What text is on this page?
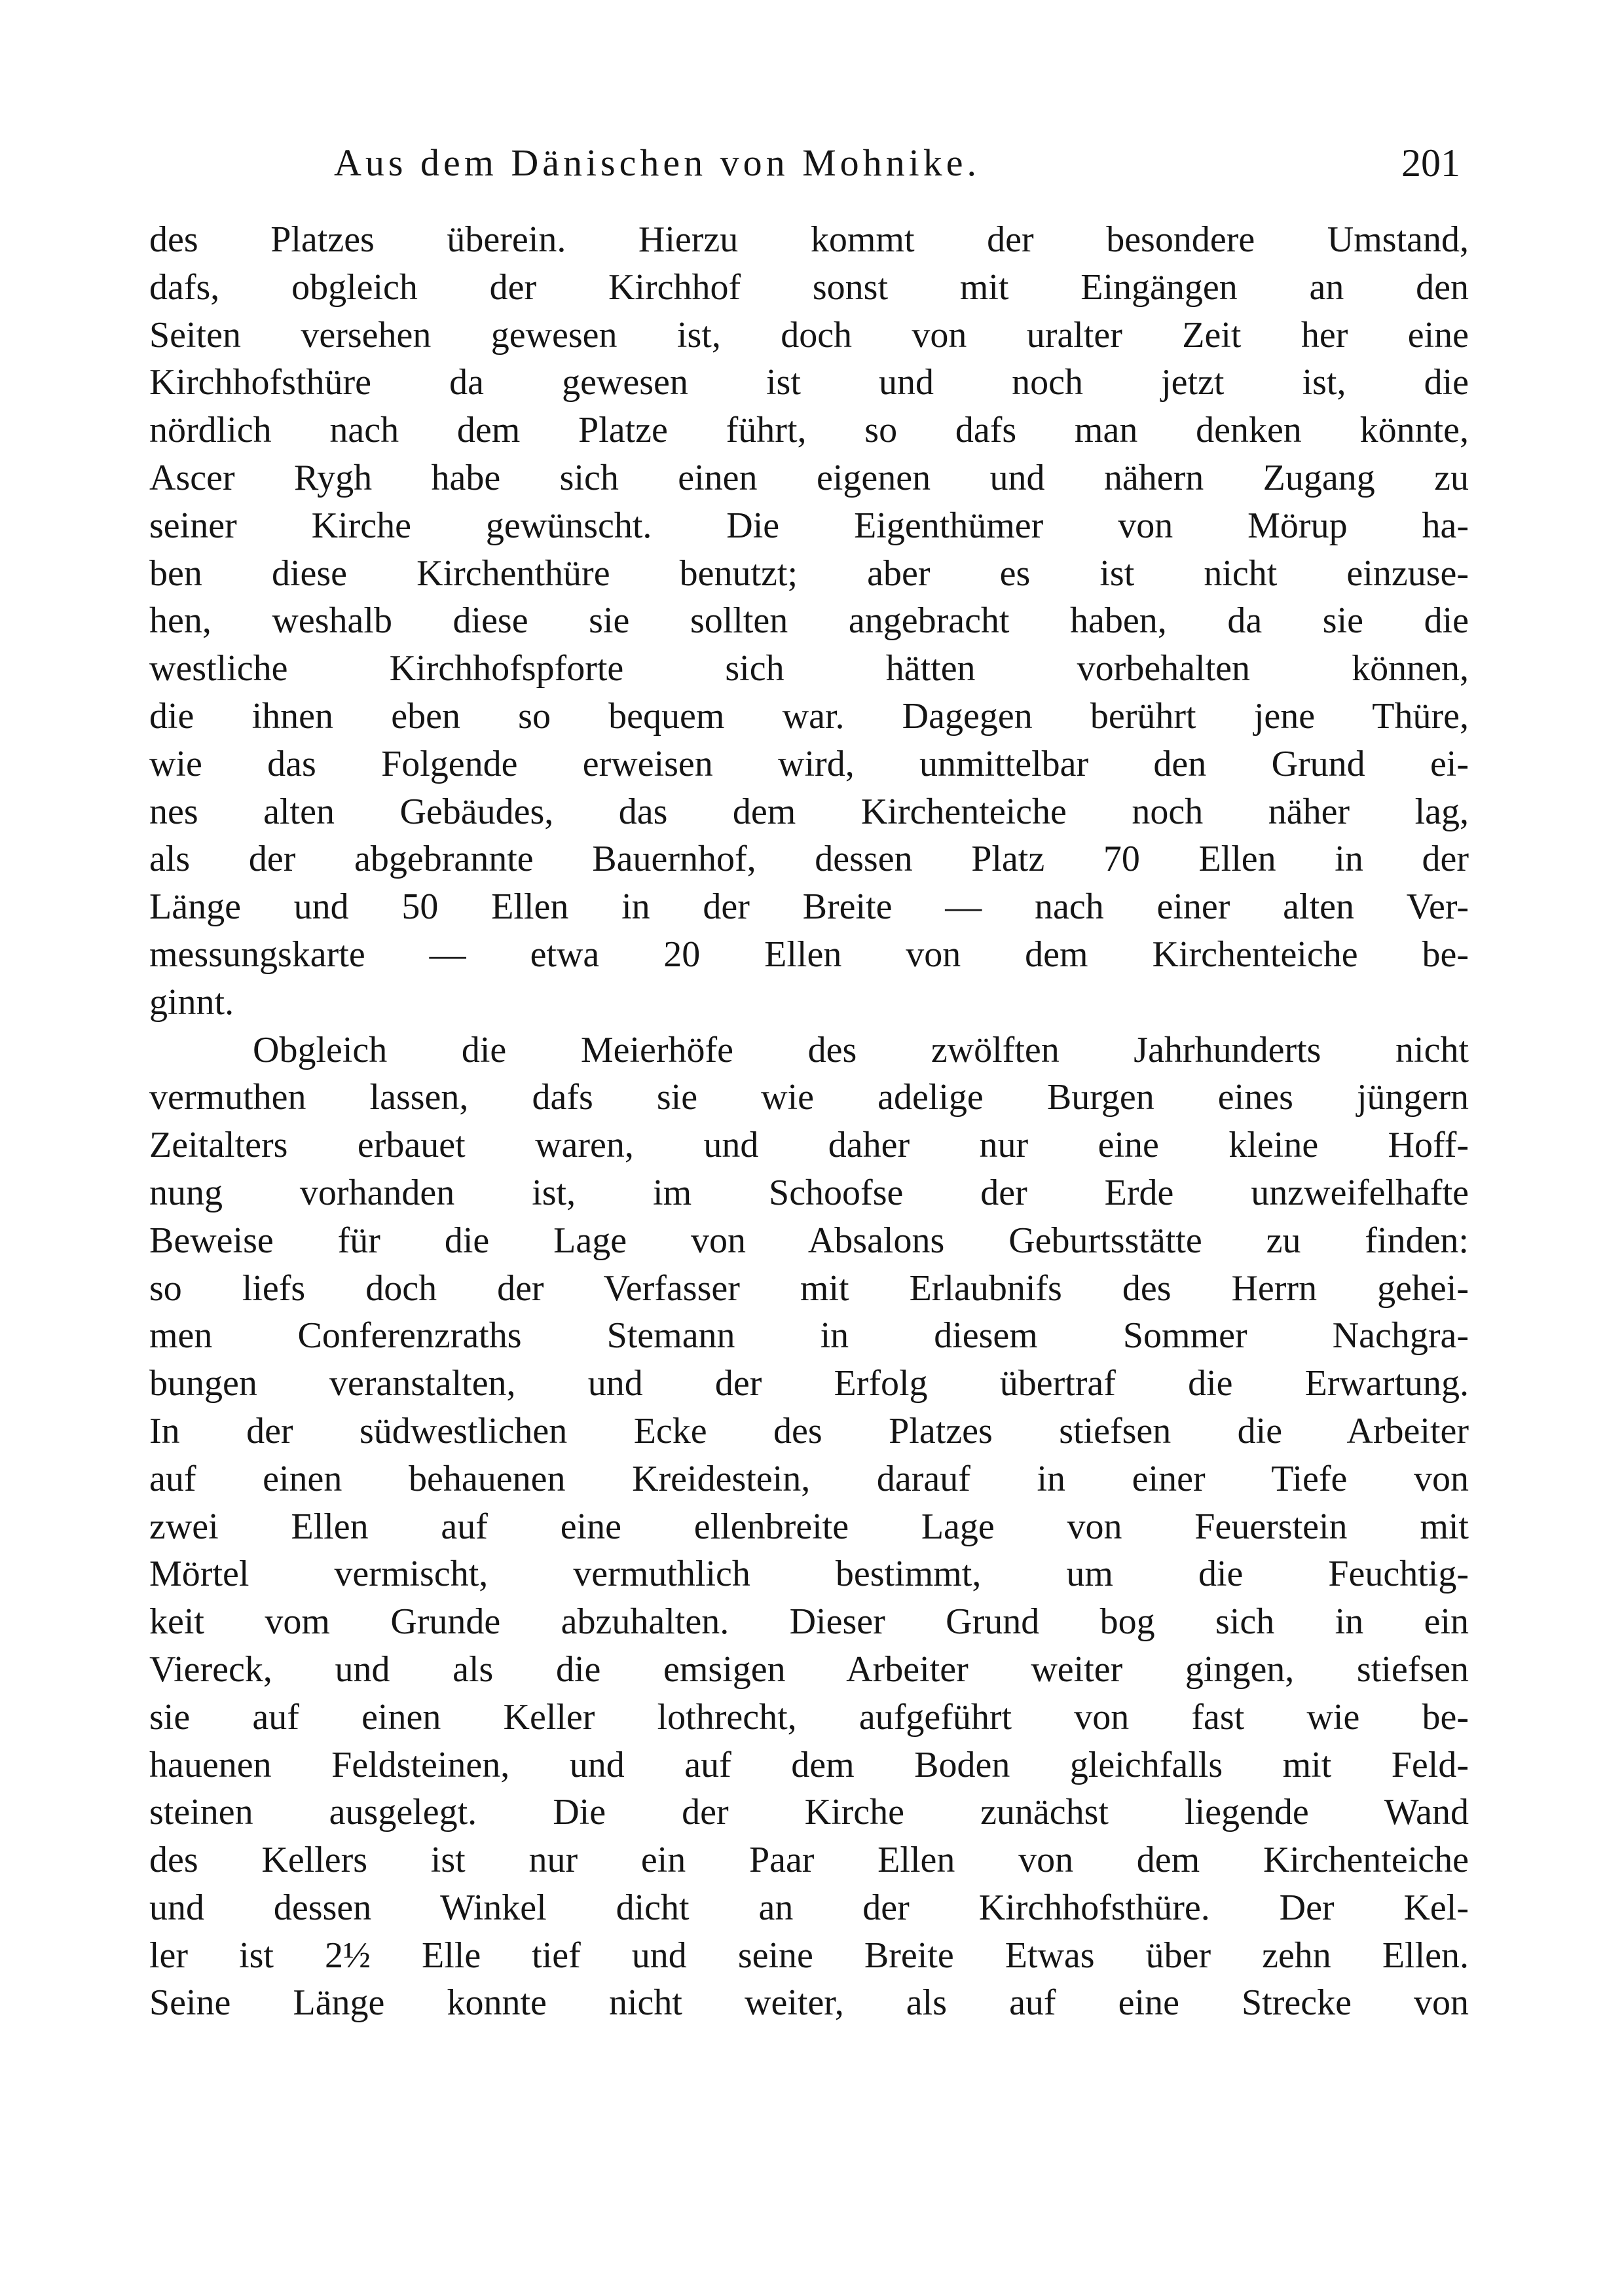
Aus dem Dänischen von Mohnike.	201
des Platzes überein. Hierzu kommt der besondere Umstand,
dafs, obgleich der Kirchhof sonst mit Eingängen an den
Seiten versehen gewesen ist, doch von uralter Zeit her eine
Kirchhofsthüre da gewesen ist und noch jetzt ist, die
nördlich nach dem Platze führt, so dafs man denken könnte,
Ascer Rygh habe sich einen eigenen und nähern Zugang zu
seiner Kirche gewünscht. Die Eigenthümer von Mörup ha-
ben diese Kirchenthüre benutzt; aber es ist nicht einzuse-
hen, weshalb diese sie sollten angebracht haben, da sie die
westliche Kirchhofspforte sich hätten vorbehalten können,
die ihnen eben so bequem war. Dagegen berührt jene Thüre,
wie das Folgende erweisen wird, unmittelbar den Grund ei-
nes alten Gebäudes, das dem Kirchenteiche noch näher lag,
als der abgebrannte Bauernhof, dessen Platz 70 Ellen in der
Länge und 50 Ellen in der Breite — nach einer alten Ver-
messungskarte — etwa 20 Ellen von dem Kirchenteiche be-
ginnt.
Obgleich die Meierhöfe des zwölften Jahrhunderts nicht
vermuthen lassen, dafs sie wie adelige Burgen eines jüngern
Zeitalters erbauet waren, und daher nur eine kleine Hoff-
nung vorhanden ist, im Schoofse der Erde unzweifelhafte
Beweise für die Lage von Absalons Geburtsstätte zu finden:
so liefs doch der Verfasser mit Erlaubnifs des Herrn gehei-
men Conferenzraths Stemann in diesem Sommer Nachgra-
bungen veranstalten, und der Erfolg übertraf die Erwartung.
In der südwestlichen Ecke des Platzes stiefsen die Arbeiter
auf einen behauenen Kreidestein, darauf in einer Tiefe von
zwei Ellen auf eine ellenbreite Lage von Feuerstein mit
Mörtel vermischt, vermuthlich bestimmt, um die Feuchtig-
keit vom Grunde abzuhalten. Dieser Grund bog sich in ein
Viereck, und als die emsigen Arbeiter weiter gingen, stiefsen
sie auf einen Keller lothrecht, aufgeführt von fast wie be-
hauenen Feldsteinen, und auf dem Boden gleichfalls mit Feld-
steinen ausgelegt. Die der Kirche zunächst liegende Wand
des Kellers ist nur ein Paar Ellen von dem Kirchenteiche
und dessen Winkel dicht an der Kirchhofsthüre. Der Kel-
ler ist 2½ Elle tief und seine Breite Etwas über zehn Ellen.
Seine Länge konnte nicht weiter, als auf eine Strecke von
